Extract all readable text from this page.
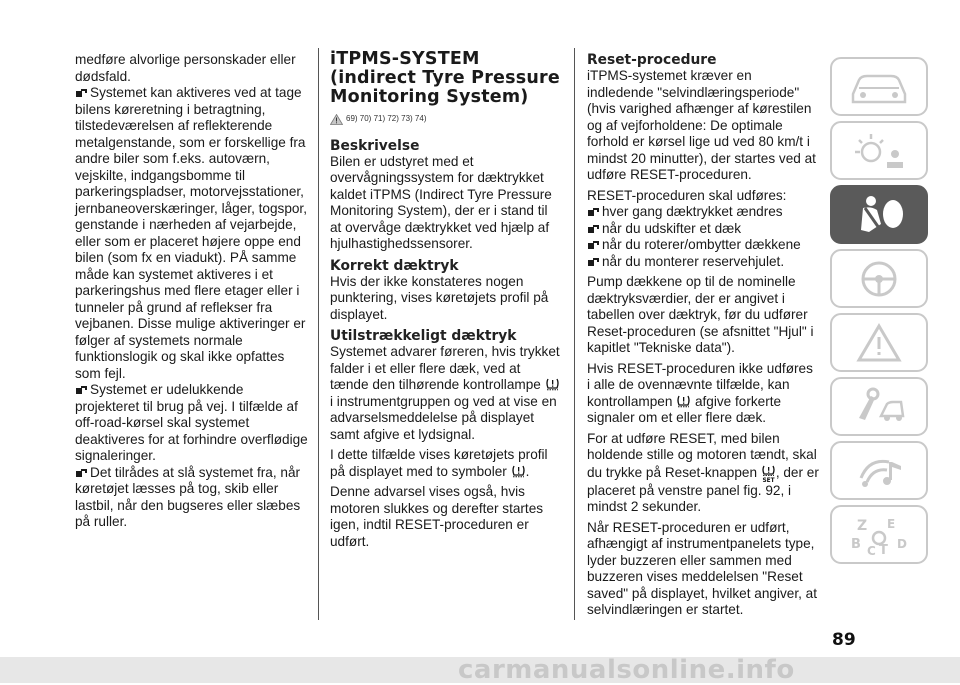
medføre alvorlige personskader eller dødsfald.

Systemet kan aktiveres ved at tage bilens køreretning i betragtning, tilstedeværelsen af reflekterende metalgenstande, som er forskellige fra andre biler som f.eks. autoværn, vejskilte, indgangsbomme til parkeringspladser, motorvejsstationer, jernbaneoverskæringer, låger, togspor, genstande i nærheden af vejarbejde, eller som er placeret højere oppe end bilen (som fx en viadukt). PÅ samme måde kan systemet aktiveres i et parkeringshus med flere etager eller i tunneler på grund af reflekser fra vejbanen. Disse mulige aktiveringer er følger af systemets normale funktionslogik og skal ikke opfattes som fejl.

Systemet er udelukkende projekteret til brug på vej. I tilfælde af off-road-kørsel skal systemet deaktiveres for at forhindre overflødige signaleringer.

Det tilrådes at slå systemet fra, når køretøjet læsses på tog, skib eller lastbil, når den bugseres eller slæbes på ruller.

iTPMS-SYSTEM
(indirect Tyre Pressure
Monitoring System)
69) 70) 71) 72) 73) 74)
Beskrivelse

Bilen er udstyret med et overvågningssystem for dæktrykket kaldet iTPMS (Indirect Tyre Pressure Monitoring System), der er i stand til at overvåge dæktrykket ved hjælp af hjulhastighedssensorer.

Korrekt dæktryk

Hvis der ikke konstateres nogen punktering, vises køretøjets profil på displayet.

Utilstrækkeligt dæktryk

Systemet advarer føreren, hvis trykket falder i et eller flere dæk, ved at tænde den tilhørende kontrollampe  i instrumentgruppen og ved at vise en advarselsmeddelelse på displayet samt afgive et lydsignal.

I dette tilfælde vises køretøjets profil på displayet med to symboler .

Denne advarsel vises også, hvis motoren slukkes og derefter startes igen, indtil RESET-proceduren er udført.

Reset-procedure

iTPMS-systemet kræver en indledende "selvindlæringsperiode" (hvis varighed afhænger af kørestilen og af vejforholdene: De optimale forhold er kørsel lige ud ved 80 km/t i mindst 20 minutter), der startes ved at udføre RESET-proceduren.

RESET-proceduren skal udføres:

hver gang dæktrykket ændres

når du udskifter et dæk

når du roterer/ombytter dækkene

når du monterer reservehjulet.

Pump dækkene op til de nominelle dæktryksværdier, der er angivet i tabellen over dæktryk, før du udfører Reset-proceduren (se afsnittet "Hjul" i kapitlet "Tekniske data").

Hvis RESET-proceduren ikke udføres i alle de ovennævnte tilfælde, kan kontrollampen afgive forkerte signaler om et eller flere dæk.

For at udføre RESET, med bilen holdende stille og motoren tændt, skal du trykke på Reset-knappen
SET
, der er placeret på venstre panel fig. 92, i mindst 2 sekunder.

Når RESET-proceduren er udført, afhængigt af instrumentpanelets type, lyder buzzeren eller sammen med buzzeren vises meddelelsen "Reset saved" på displayet, hvilket angiver, at selvindlæringen er startet.

Z E
B C T D
89
carmanualsonline.info
